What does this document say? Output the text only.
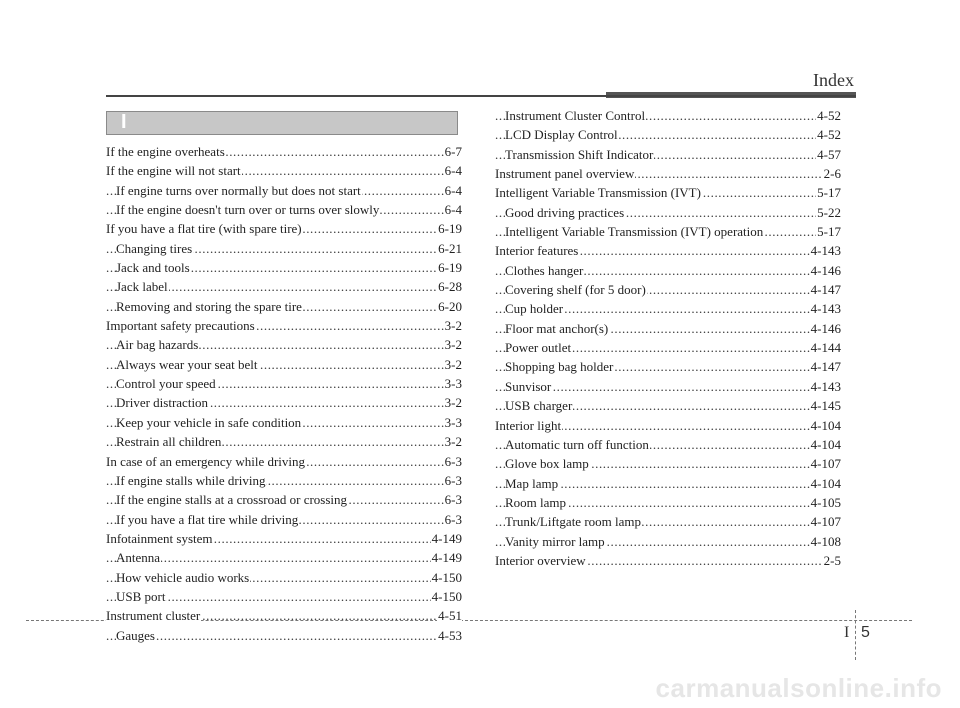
Index
I
If the engine overheats	6-7
.....
If the engine will not start	6-4
.....
If engine turns over normally but does not start	6-4
.....
If the engine doesn't turn over or turns over slowly	6-4
.....
If you have a flat tire (with spare tire)	6-19
.....
Changing tires	6-21
.....
Jack and tools	6-19
.....
Jack label	6-28
.....
Removing and storing the spare tire	6-20
.....
Important safety precautions	3-2
.....
Air bag hazards	3-2
.....
Always wear your seat belt	3-2
.....
Control your speed	3-3
.....
Driver distraction	3-2
.....
Keep your vehicle in safe condition	3-3
.....
Restrain all children	3-2
.....
In case of an emergency while driving	6-3
.....
If engine stalls while driving	6-3
.....
If the engine stalls at a crossroad or crossing	6-3
.....
If you have a flat tire while driving	6-3
.....
Infotainment system	4-149
.....
Antenna	4-149
.....
How vehicle audio works	4-150
.....
USB port	4-150
.....
Instrument cluster	4-51
.....
Gauges	4-53
.....
Instrument Cluster Control	4-52
.....
LCD Display Control	4-52
.....
Transmission Shift Indicator	4-57
.....
Instrument panel overview	2-6
.....
Intelligent Variable Transmission (IVT)	5-17
.....
Good driving practices	5-22
.....
Intelligent Variable Transmission (IVT) operation	5-17
.....
Interior features	4-143
.....
Clothes hanger	4-146
.....
Covering shelf (for 5 door)	4-147
.....
Cup holder	4-143
.....
Floor mat anchor(s)	4-146
.....
Power outlet	4-144
.....
Shopping bag holder	4-147
.....
Sunvisor	4-143
.....
USB charger	4-145
.....
Interior light	4-104
.....
Automatic turn off function	4-104
.....
Glove box lamp	4-107
.....
Map lamp	4-104
.....
Room lamp	4-105
.....
Trunk/Liftgate room lamp	4-107
.....
Vanity mirror lamp	4-108
.....
Interior overview	2-5
.....
I 5
carmanualsonline.info
